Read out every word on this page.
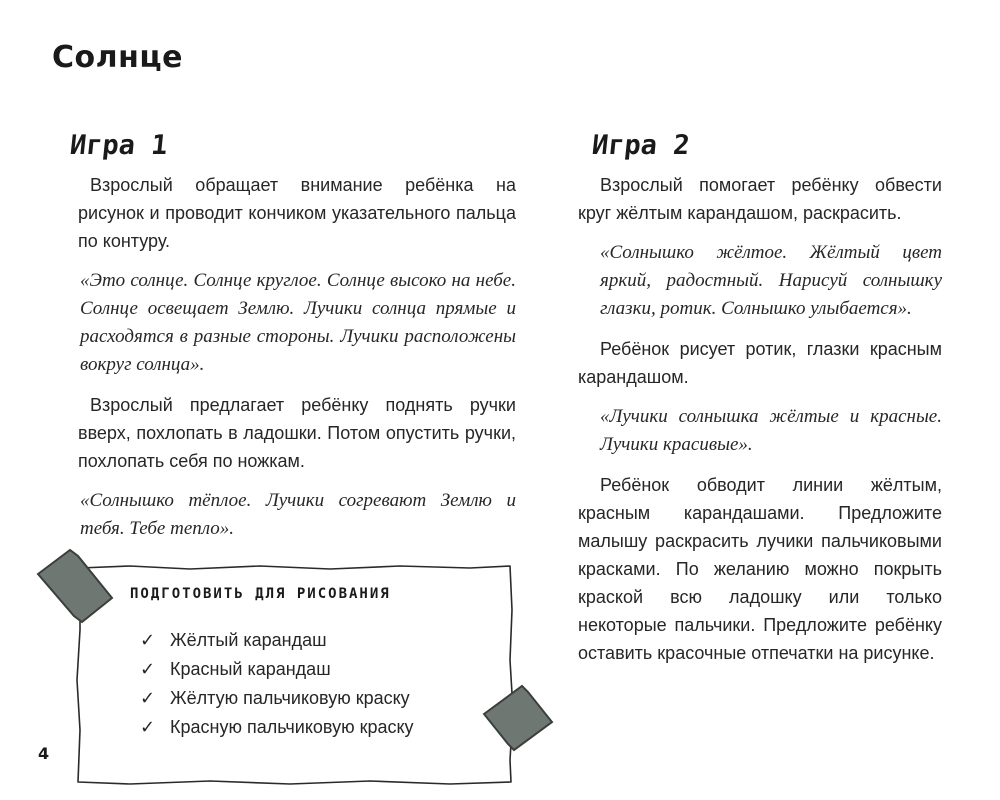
Солнце
Игра 1

Взрослый обращает внимание ребёнка на рисунок и проводит кончиком указательного пальца по контуру.

«Это солнце. Солнце круглое. Солнце высоко на небе. Солнце освещает Землю. Лучики солнца прямые и расходятся в разные стороны. Лучики расположены вокруг солнца».

Взрослый предлагает ребёнку поднять ручки вверх, похлопать в ладошки. Потом опустить ручки, похлопать себя по ножкам.

«Солнышко тёплое. Лучики согревают Землю и тебя. Тебе тепло».

Игра 2

Взрослый помогает ребёнку обвести круг жёлтым карандашом, раскрасить.

«Солнышко жёлтое. Жёлтый цвет яркий, радостный. Нарисуй солнышку глазки, ротик. Солнышко улыбается».

Ребёнок рисует ротик, глазки красным карандашом.

«Лучики солнышка жёлтые и красные. Лучики красивые».

Ребёнок обводит линии жёлтым, красным карандашами. Предложите малышу раскрасить лучики пальчиковыми красками. По желанию можно покрыть краской всю ладошку или только некоторые пальчики. Предложите ребёнку оставить красочные отпечатки на рисунке.

ПОДГОТОВИТЬ ДЛЯ РИСОВАНИЯ
✓ Жёлтый карандаш
✓ Красный карандаш
✓ Жёлтую пальчиковую краску
✓ Красную пальчиковую краску
4
